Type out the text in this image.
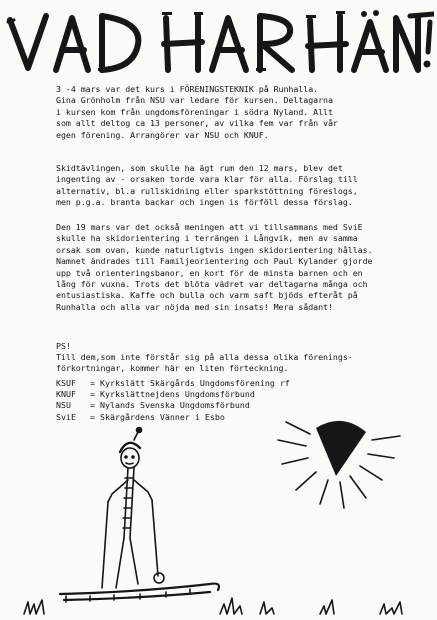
3 -4 mars var det kurs i FÖRENINGSTEKNIK på Runhalla.
Gina Grönholm från NSU var ledare för kursen. Deltagarna
i kursen kom från ungdomsföreningar i södra Nyland. Allt
som allt deltog ca 13 personer, av vilka fem var från vår
egen förening. Arrangörer var NSU och KNUF.

Skidtävlingen, som skulle ha ägt rum den 12 mars, blev det
ingenting av - orsaken torde vara klar för alla. Förslag till
alternativ, bl.a rullskidning eller sparkstöttning föreslogs,
men p.g.a. branta backar och ingen is förföll dessa förslag.

Den 19 mars var det också meningen att vi tillsammans med SviE
skulle ha skidorientering i terrängen i Långvik, men av samma
orsak som ovan, kunde naturligtvis ingen skidorientering hållas.
Namnet ändrades till Familjeorientering och Paul Kylander gjorde
upp två orienteringsbanor, en kort för de minsta barnen och en
lång för vuxna. Trots det blöta vädret var deltagarna många och
entusiastiska. Kaffe och bulla och varm saft bjöds efteråt på
Runhalla och alla var nöjda med sin insats! Mera sådant!

PS!

Till dem,som inte förstår sig på alla dessa olika förenings-
förkortningar, kommer här en liten förteckning.

KSUF	= Kyrkslätt Skärgårds Ungdomsförening rf
KNUF	= Kyrkslättnejdens Ungdomsförbund
NSU	= Nylands Svenska Ungdomsförbund
SviE	= Skärgårdens Vänner i Esbo
